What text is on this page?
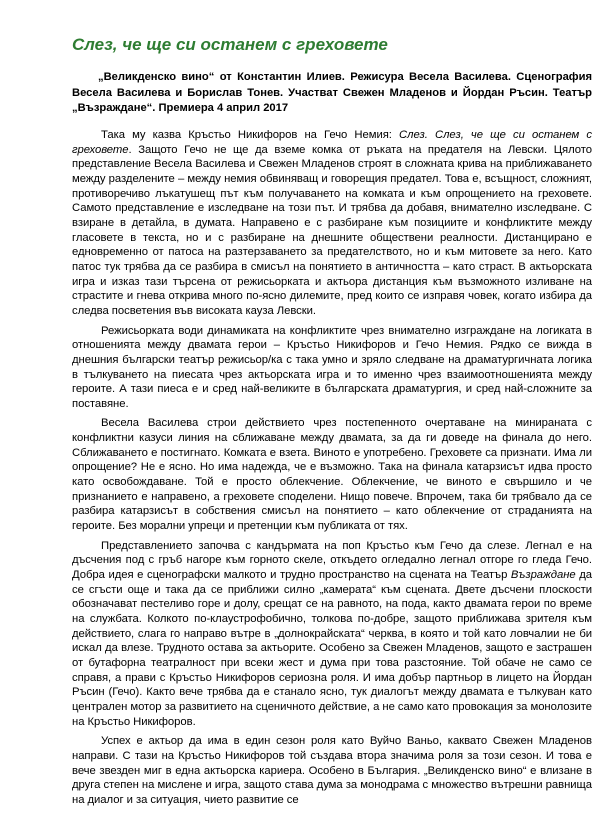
Слез, че ще си останем с греховете

„Великденско вино“ от Константин Илиев. Режисура Весела Василева. Сценография Весела Василева и Борислав Тонев. Участват Свежен Младенов и Йордан Ръсин. Театър „Възраждане“. Премиера 4 април 2017

Така му казва Кръстьо Никифоров на Гечо Немия: Слез. Слез, че ще си останем с греховете. Защото Гечо не ще да вземе комка от ръката на предателя на Левски. Цялото представление Весела Василева и Свежен Младенов строят в сложната крива на приближаването между разделените – между немия обвиняващ и говорещия предател. Това е, всъщност, сложният, противоречиво лъкатушещ път към получаването на комката и към опрощението на греховете. Самото представление е изследване на този път. И трябва да добавя, внимателно изследване. С взиране в детайла, в думата. Направено е с разбиране към позициите и конфликтите между гласовете в текста, но и с разбиране на днешните обществени реалности. Дистанцирано е едновременно от патоса на разтерзаването за предателството, но и към митовете за него. Като патос тук трябва да се разбира в смисъл на понятието в античността – като страст. В актьорската игра и изказ тази търсена от режисьорката и актьора дистанция към възможното изливане на страстите и гнева открива много по-ясно дилемите, пред които се изправя човек, когато избира да следва посветения във високата кауза Левски.

Режисьорката води динамиката на конфликтите чрез внимателно изграждане на логиката в отношенията между двамата герои – Кръстьо Никифоров и Гечо Немия. Рядко се вижда в днешния български театър режисьор/ка с така умно и зряло следване на драматургичната логика в тълкуването на пиесата чрез актьорската игра и то именно чрез взаимоотношенията между героите. А тази пиеса е и сред най-великите в българската драматургия, и сред най-сложните за поставяне.

Весела Василева строи действието чрез постепенното очертаване на минираната с конфликтни казуси линия на сближаване между двамата, за да ги доведе на финала до него. Сближаването е постигнато. Комката е взета. Виното е употребено. Греховете са признати. Има ли опрощение? Не е ясно. Но има надежда, че е възможно. Така на финала катарзисът идва просто като освобождаване. Той е просто облекчение. Облекчение, че виното е свършило и че признанието е направено, а греховете споделени. Нищо повече. Впрочем, така би трябвало да се разбира катарзисът в собствения смисъл на понятието – като облекчение от страданията на героите. Без морални упреци и претенции към публиката от тях.

Представлението започва с кандърмата на поп Кръстьо към Гечо да слезе. Легнал е на дъсчения под с гръб нагоре към горното скеле, откъдето огледално легнал отгоре го гледа Гечо. Добра идея е сценографски малкото и трудно пространство на сцената на Театър Възраждане да се сгъсти още и така да се приближи силно „камерата“ към сцената. Двете дъсчени плоскости обозначават пестеливо горе и долу, срещат се на равното, на пода, както двамата герои по време на службата. Колкото по-клаустрофобично, толкова по-добре, защото приближава зрителя към действието, слага го направо вътре в „долнокрайската“ черква, в която и той като ловчалии не би искал да влезе. Трудното остава за актьорите. Особено за Свежен Младенов, защото е застрашен от бутафорна театралност при всеки жест и дума при това разстояние. Той обаче не само се справя, а прави с Кръстьо Никифоров сериозна роля. И има добър партньор в лицето на Йордан Ръсин (Гечо). Както вече трябва да е станало ясно, тук диалогът между двамата е тълкуван като централен мотор за развитието на сценичното действие, а не само като провокация за монолозите на Кръстьо Никифоров.

Успех е актьор да има в един сезон роля като Вуйчо Ваньо, каквато Свежен Младенов направи. С тази на Кръстьо Никифоров той създава втора значима роля за този сезон. И това е вече звезден миг в една актьорска кариера. Особено в България. „Великденско вино“ е влизане в друга степен на мислене и игра, защото става дума за монодрама с множество вътрешни равнища на диалог и за ситуация, чието развитие се
